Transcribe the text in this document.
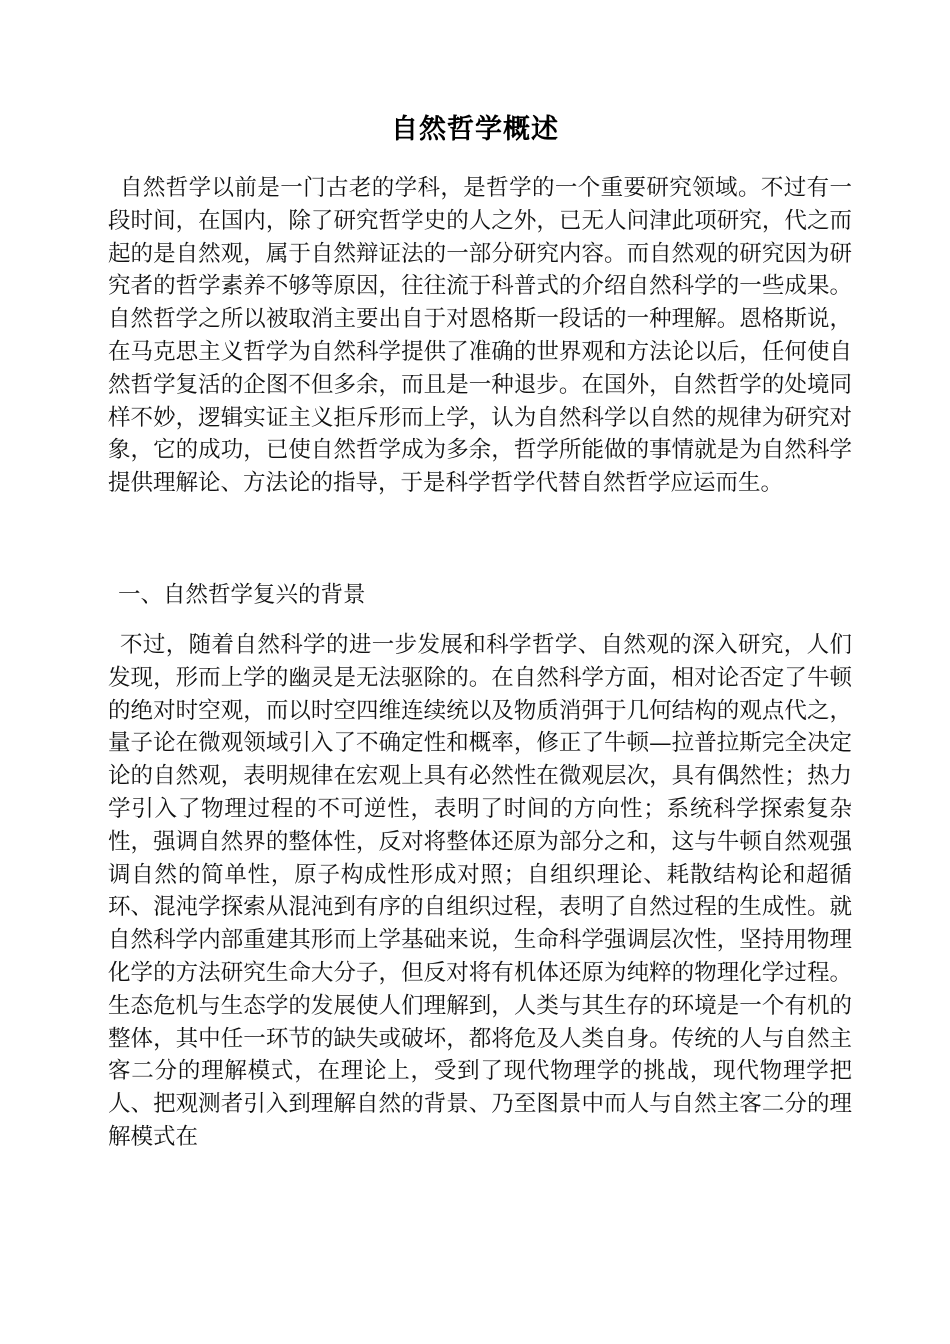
自然哲学概述

自然哲学以前是一门古老的学科，是哲学的一个重要研究领域。不过有一段时间，在国内，除了研究哲学史的人之外，已无人问津此项研究，代之而起的是自然观，属于自然辩证法的一部分研究内容。而自然观的研究因为研究者的哲学素养不够等原因，往往流于科普式的介绍自然科学的一些成果。自然哲学之所以被取消主要出自于对恩格斯一段话的一种理解。恩格斯说，在马克思主义哲学为自然科学提供了准确的世界观和方法论以后，任何使自然哲学复活的企图不但多余，而且是一种退步。在国外，自然哲学的处境同样不妙，逻辑实证主义拒斥形而上学，认为自然科学以自然的规律为研究对象，它的成功，已使自然哲学成为多余，哲学所能做的事情就是为自然科学提供理解论、方法论的指导，于是科学哲学代替自然哲学应运而生。

一、自然哲学复兴的背景

不过，随着自然科学的进一步发展和科学哲学、自然观的深入研究，人们发现，形而上学的幽灵是无法驱除的。在自然科学方面，相对论否定了牛顿的绝对时空观，而以时空四维连续统以及物质消弭于几何结构的观点代之，量子论在微观领域引入了不确定性和概率，修正了牛顿—拉普拉斯完全决定论的自然观，表明规律在宏观上具有必然性在微观层次，具有偶然性；热力学引入了物理过程的不可逆性，表明了时间的方向性；系统科学探索复杂性，强调自然界的整体性，反对将整体还原为部分之和，这与牛顿自然观强调自然的简单性，原子构成性形成对照；自组织理论、耗散结构论和超循环、混沌学探索从混沌到有序的自组织过程，表明了自然过程的生成性。就自然科学内部重建其形而上学基础来说，生命科学强调层次性，坚持用物理化学的方法研究生命大分子，但反对将有机体还原为纯粹的物理化学过程。生态危机与生态学的发展使人们理解到，人类与其生存的环境是一个有机的整体，其中任一环节的缺失或破坏，都将危及人类自身。传统的人与自然主客二分的理解模式，在理论上，受到了现代物理学的挑战，现代物理学把人、把观测者引入到理解自然的背景、乃至图景中而人与自然主客二分的理解模式在
